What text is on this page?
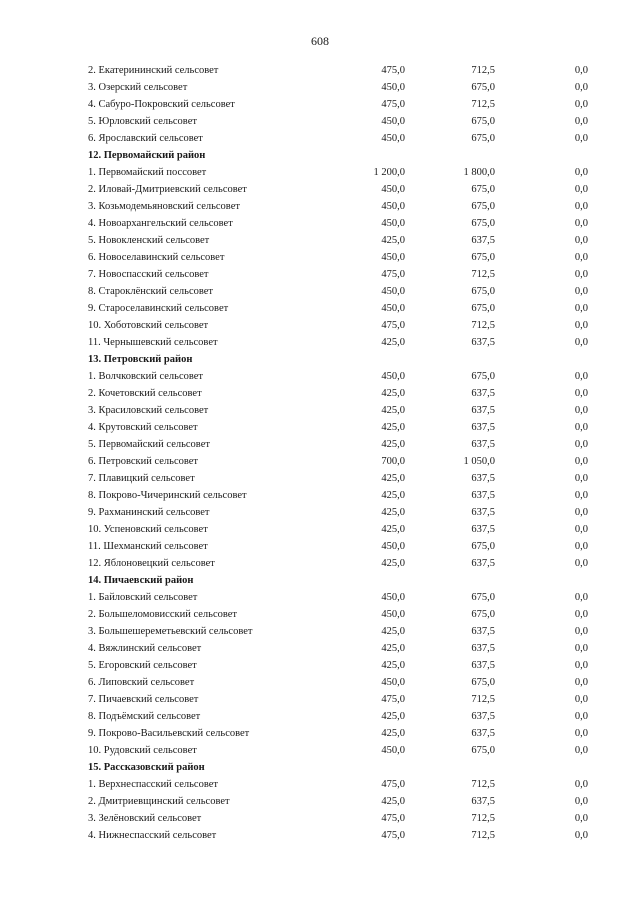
608
2. Екатерининский сельсовет	475,0	712,5	0,0
3. Озерский сельсовет	450,0	675,0	0,0
4. Сабуро-Покровский сельсовет	475,0	712,5	0,0
5. Юрловский сельсовет	450,0	675,0	0,0
6. Ярославский сельсовет	450,0	675,0	0,0
12. Первомайский район
1. Первомайский поссовет	1 200,0	1 800,0	0,0
2. Иловай-Дмитриевский сельсовет	450,0	675,0	0,0
3. Козьмодемьяновский сельсовет	450,0	675,0	0,0
4. Новоархангельский сельсовет	450,0	675,0	0,0
5. Новокленский сельсовет	425,0	637,5	0,0
6. Новоселавинский сельсовет	450,0	675,0	0,0
7. Новоспасский сельсовет	475,0	712,5	0,0
8. Староклёнский сельсовет	450,0	675,0	0,0
9. Староселавинский сельсовет	450,0	675,0	0,0
10. Хоботовский сельсовет	475,0	712,5	0,0
11. Чернышевский сельсовет	425,0	637,5	0,0
13. Петровский район
1. Волчковский сельсовет	450,0	675,0	0,0
2. Кочетовский сельсовет	425,0	637,5	0,0
3. Красиловский сельсовет	425,0	637,5	0,0
4. Крутовский сельсовет	425,0	637,5	0,0
5. Первомайский сельсовет	425,0	637,5	0,0
6. Петровский сельсовет	700,0	1 050,0	0,0
7. Плавицкий сельсовет	425,0	637,5	0,0
8. Покрово-Чичеринский сельсовет	425,0	637,5	0,0
9. Рахманинский сельсовет	425,0	637,5	0,0
10. Успеновский сельсовет	425,0	637,5	0,0
11. Шехманский сельсовет	450,0	675,0	0,0
12. Яблоновецкий сельсовет	425,0	637,5	0,0
14. Пичаевский район
1. Байловский сельсовет	450,0	675,0	0,0
2. Большеломовисский сельсовет	450,0	675,0	0,0
3. Большешереметьевский сельсовет	425,0	637,5	0,0
4. Вяжлинский сельсовет	425,0	637,5	0,0
5. Егоровский сельсовет	425,0	637,5	0,0
6. Липовский сельсовет	450,0	675,0	0,0
7. Пичаевский сельсовет	475,0	712,5	0,0
8. Подъёмский сельсовет	425,0	637,5	0,0
9. Покрово-Васильевский сельсовет	425,0	637,5	0,0
10. Рудовский сельсовет	450,0	675,0	0,0
15. Рассказовский район
1. Верхнеспасский сельсовет	475,0	712,5	0,0
2. Дмитриевщинский сельсовет	425,0	637,5	0,0
3. Зелёновский сельсовет	475,0	712,5	0,0
4. Нижнеспасский сельсовет	475,0	712,5	0,0
